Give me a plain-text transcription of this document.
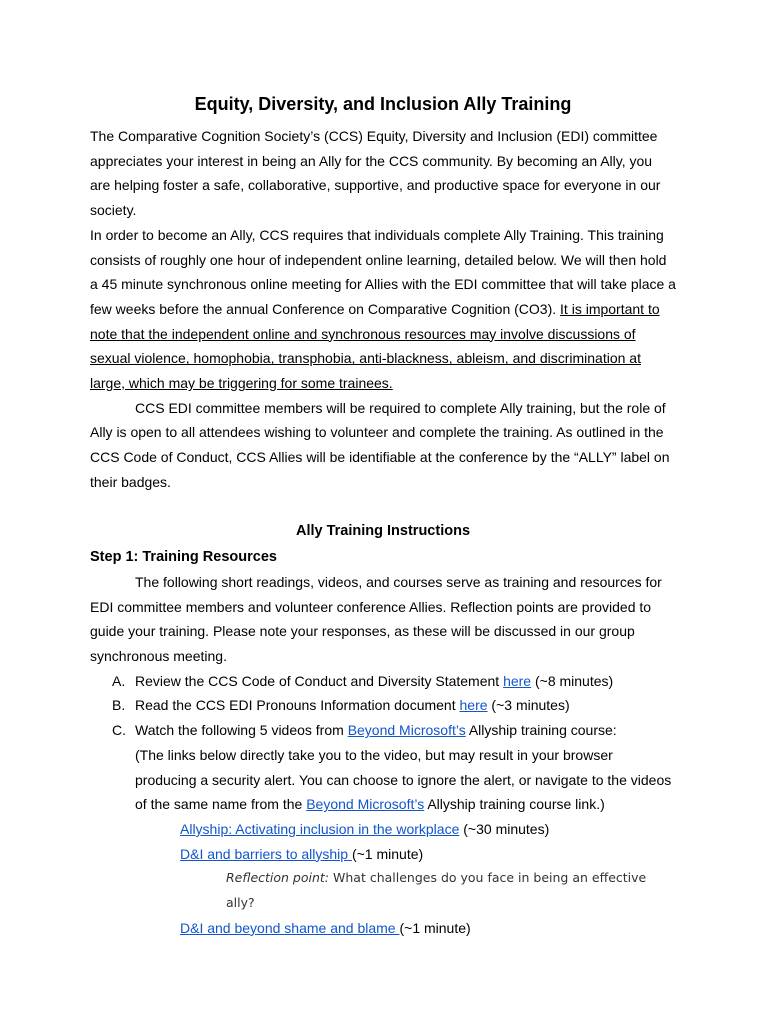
Equity, Diversity, and Inclusion Ally Training

The Comparative Cognition Society’s (CCS) Equity, Diversity and Inclusion (EDI) committee appreciates your interest in being an Ally for the CCS community. By becoming an Ally, you are helping foster a safe, collaborative, supportive, and productive space for everyone in our society.

In order to become an Ally, CCS requires that individuals complete Ally Training. This training consists of roughly one hour of independent online learning, detailed below. We will then hold a 45 minute synchronous online meeting for Allies with the EDI committee that will take place a few weeks before the annual Conference on Comparative Cognition (CO3). It is important to note that the independent online and synchronous resources may involve discussions of sexual violence, homophobia, transphobia, anti-blackness, ableism, and discrimination at large, which may be triggering for some trainees.

CCS EDI committee members will be required to complete Ally training, but the role of Ally is open to all attendees wishing to volunteer and complete the training. As outlined in the CCS Code of Conduct, CCS Allies will be identifiable at the conference by the “ALLY” label on their badges.

Ally Training Instructions
Step 1: Training Resources

The following short readings, videos, and courses serve as training and resources for EDI committee members and volunteer conference Allies. Reflection points are provided to guide your training. Please note your responses, as these will be discussed in our group synchronous meeting.

A. Review the CCS Code of Conduct and Diversity Statement here (~8 minutes)
B. Read the CCS EDI Pronouns Information document here (~3 minutes)
C. Watch the following 5 videos from Beyond Microsoft’s Allyship training course:
(The links below directly take you to the video, but may result in your browser producing a security alert. You can choose to ignore the alert, or navigate to the videos of the same name from the Beyond Microsoft’s Allyship training course link.)
Allyship: Activating inclusion in the workplace (~30 minutes)
D&I and barriers to allyship (~1 minute)
Reflection point: What challenges do you face in being an effective ally?
D&I and beyond shame and blame (~1 minute)
